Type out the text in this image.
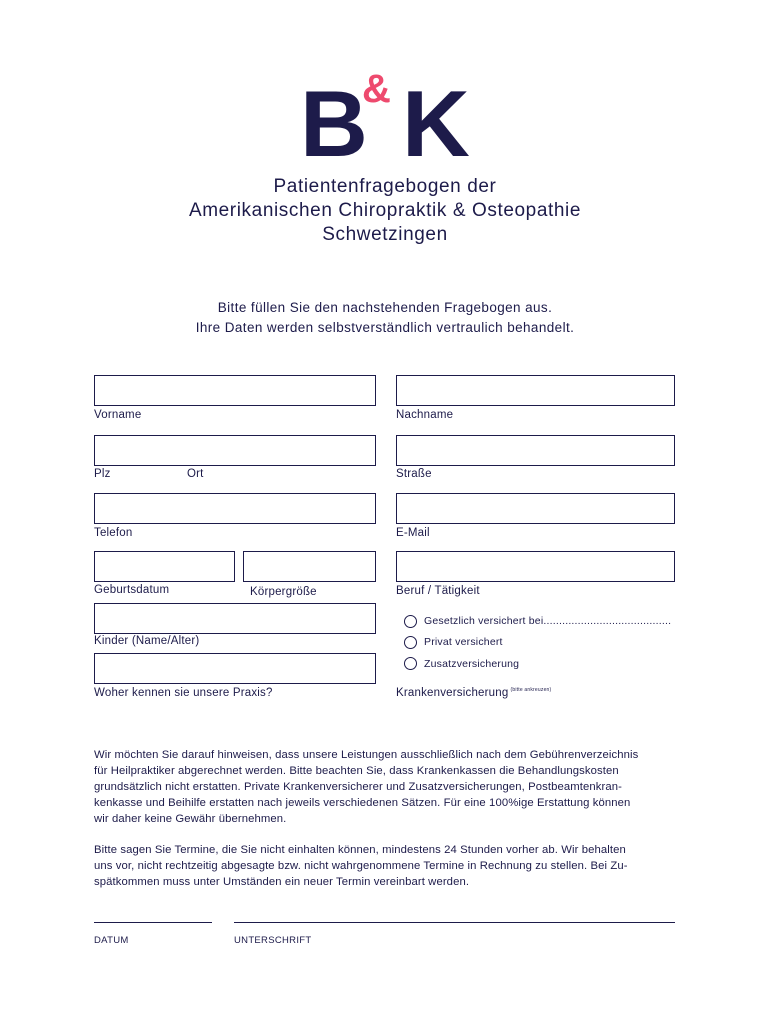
B
& K
Patientenfragebogen der
Amerikanischen Chiropraktik & Osteopathie
Schwetzingen
Bitte füllen Sie den nachstehenden Fragebogen aus.
Ihre Daten werden selbstverständlich vertraulich behandelt.
Vorname	Nachname
Plz	Ort	Straße
Telefon	E-Mail
Geburtsdatum	Körpergröße	Beruf / Tätigkeit
Kinder (Name/Alter)
Woher kennen sie unsere Praxis?
Gesetzlich versichert bei.........................................
Privat versichert
Zusatzversicherung
Krankenversicherung $^{(bitte ankreuzen)}$
Wir möchten Sie darauf hinweisen, dass unsere Leistungen ausschließlich nach dem Gebührenverzeichnis
für Heilpraktiker abgerechnet werden. Bitte beachten Sie, dass Krankenkassen die Behandlungskosten
grundsätzlich nicht erstatten. Private Krankenversicherer und Zusatzversicherungen, Postbeamtenkran-
kenkasse und Beihilfe erstatten nach jeweils verschiedenen Sätzen. Für eine 100%ige Erstattung können
wir daher keine Gewähr übernehmen.
Bitte sagen Sie Termine, die Sie nicht einhalten können, mindestens 24 Stunden vorher ab. Wir behalten
uns vor, nicht rechtzeitig abgesagte bzw. nicht wahrgenommene Termine in Rechnung zu stellen. Bei Zu-
spätkommen muss unter Umständen ein neuer Termin vereinbart werden.
DATUM	UNTERSCHRIFT
